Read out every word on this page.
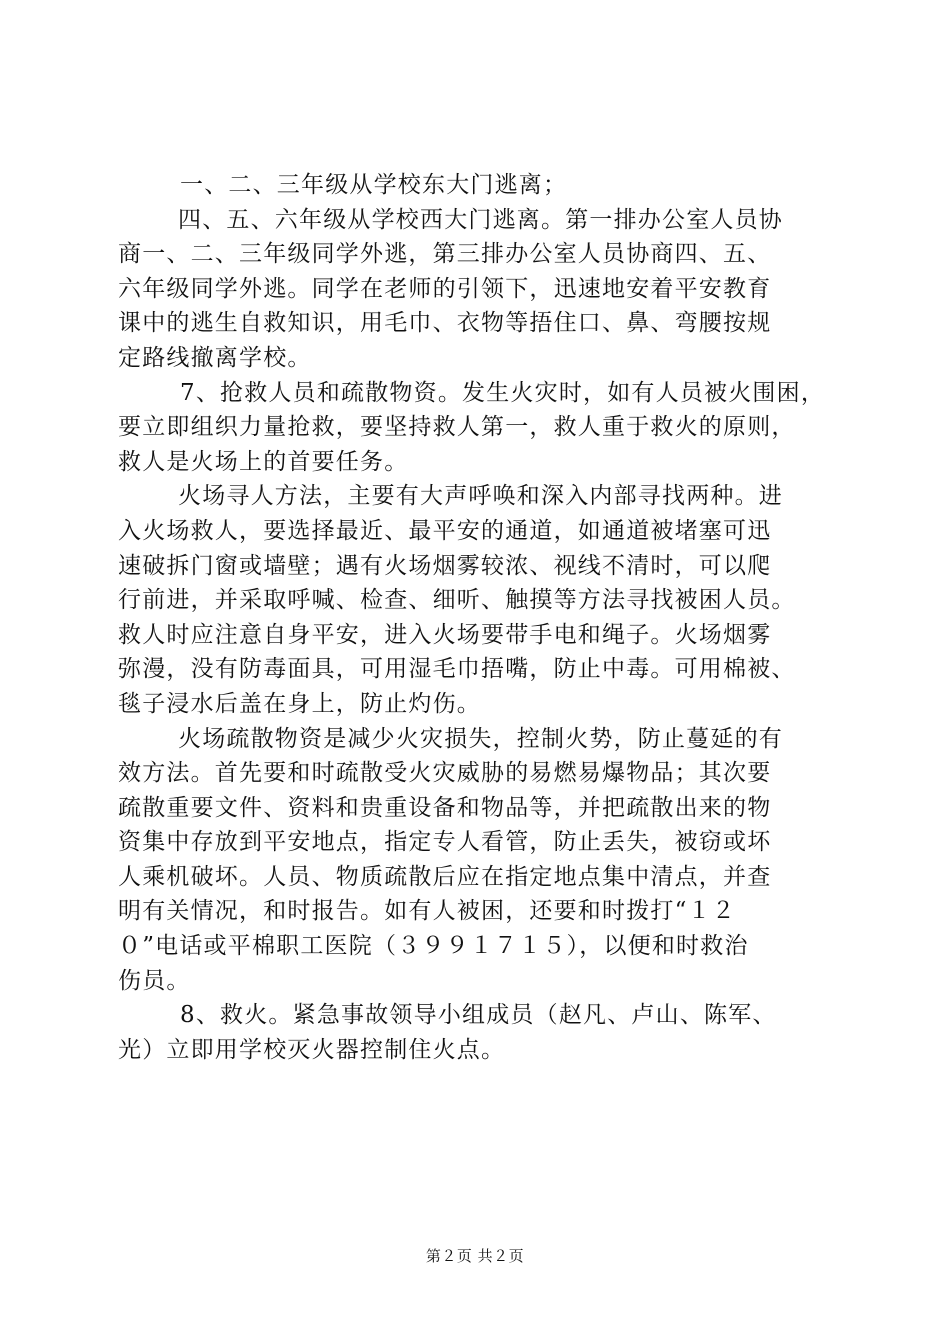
一、二、三年级从学校东大门逃离；
四、五、六年级从学校西大门逃离。第一排办公室人员协
商一、二、三年级同学外逃，第三排办公室人员协商四、五、
六年级同学外逃。同学在老师的引领下，迅速地安着平安教育
课中的逃生自救知识，用毛巾、衣物等捂住口、鼻、弯腰按规
定路线撤离学校。
7、抢救人员和疏散物资。发生火灾时，如有人员被火围困，
要立即组织力量抢救，要坚持救人第一，救人重于救火的原则，
救人是火场上的首要任务。
火场寻人方法，主要有大声呼唤和深入内部寻找两种。进
入火场救人，要选择最近、最平安的通道，如通道被堵塞可迅
速破拆门窗或墙壁；遇有火场烟雾较浓、视线不清时，可以爬
行前进，并采取呼喊、检查、细听、触摸等方法寻找被困人员。
救人时应注意自身平安，进入火场要带手电和绳子。火场烟雾
弥漫，没有防毒面具，可用湿毛巾捂嘴，防止中毒。可用棉被、
毯子浸水后盖在身上，防止灼伤。
火场疏散物资是减少火灾损失，控制火势，防止蔓延的有
效方法。首先要和时疏散受火灾威胁的易燃易爆物品；其次要
疏散重要文件、资料和贵重设备和物品等，并把疏散出来的物
资集中存放到平安地点，指定专人看管，防止丢失，被窃或坏
人乘机破坏。人员、物质疏散后应在指定地点集中清点，并查
明有关情况，和时报告。如有人被困，还要和时拨打“１２
０”电话或平棉职工医院（３９９１７１５），以便和时救治
伤员。
8、救火。紧急事故领导小组成员（赵凡、卢山、陈军、
光）立即用学校灭火器控制住火点。
第２页 共２页
